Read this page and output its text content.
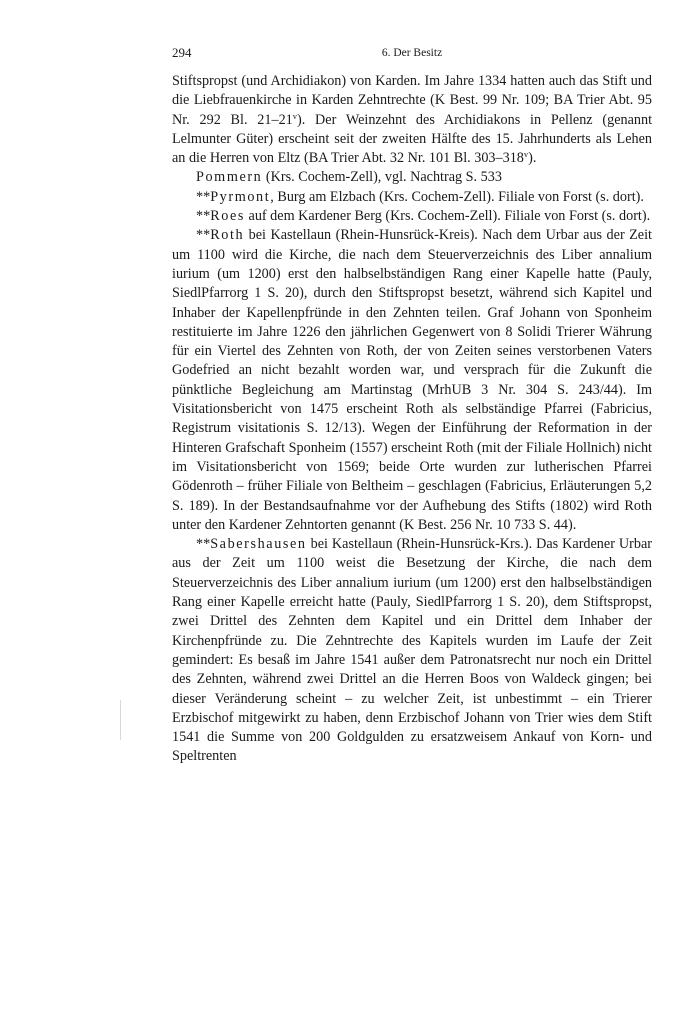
294	6. Der Besitz

Stiftspropst (und Archidiakon) von Karden. Im Jahre 1334 hatten auch das Stift und die Liebfrauenkirche in Karden Zehntrechte (K Best. 99 Nr. 109; BA Trier Abt. 95 Nr. 292 Bl. 21–21$^v$). Der Weinzehnt des Archidiakons in Pellenz (genannt Lelmunter Güter) erscheint seit der zweiten Hälfte des 15. Jahrhunderts als Lehen an die Herren von Eltz (BA Trier Abt. 32 Nr. 101 Bl. 303–318$^v$).

Pommern (Krs. Cochem-Zell), vgl. Nachtrag S. 533

**Pyrmont, Burg am Elzbach (Krs. Cochem-Zell). Filiale von Forst (s. dort).

**Roes auf dem Kardener Berg (Krs. Cochem-Zell). Filiale von Forst (s. dort).

**Roth bei Kastellaun (Rhein-Hunsrück-Kreis). Nach dem Urbar aus der Zeit um 1100 wird die Kirche, die nach dem Steuerverzeichnis des Liber annalium iurium (um 1200) erst den halbselbständigen Rang einer Kapelle hatte (Pauly, SiedlPfarrorg 1 S. 20), durch den Stiftspropst besetzt, während sich Kapitel und Inhaber der Kapellenpfründe in den Zehnten teilen. Graf Johann von Sponheim restituierte im Jahre 1226 den jährlichen Gegenwert von 8 Solidi Trierer Währung für ein Viertel des Zehnten von Roth, der von Zeiten seines verstorbenen Vaters Godefried an nicht bezahlt worden war, und versprach für die Zukunft die pünktliche Begleichung am Martinstag (MrhUB 3 Nr. 304 S. 243/44). Im Visitationsbericht von 1475 erscheint Roth als selbständige Pfarrei (Fabricius, Registrum visitationis S. 12/13). Wegen der Einführung der Reformation in der Hinteren Grafschaft Sponheim (1557) erscheint Roth (mit der Filiale Hollnich) nicht im Visitationsbericht von 1569; beide Orte wurden zur lutherischen Pfarrei Gödenroth – früher Filiale von Beltheim – geschlagen (Fabricius, Erläuterungen 5,2 S. 189). In der Bestandsaufnahme vor der Aufhebung des Stifts (1802) wird Roth unter den Kardener Zehntorten genannt (K Best. 256 Nr. 10 733 S. 44).

**Sabershausen bei Kastellaun (Rhein-Hunsrück-Krs.). Das Kardener Urbar aus der Zeit um 1100 weist die Besetzung der Kirche, die nach dem Steuerverzeichnis des Liber annalium iurium (um 1200) erst den halbselbständigen Rang einer Kapelle erreicht hatte (Pauly, SiedlPfarrorg 1 S. 20), dem Stiftspropst, zwei Drittel des Zehnten dem Kapitel und ein Drittel dem Inhaber der Kirchenpfründe zu. Die Zehntrechte des Kapitels wurden im Laufe der Zeit gemindert: Es besaß im Jahre 1541 außer dem Patronatsrecht nur noch ein Drittel des Zehnten, während zwei Drittel an die Herren Boos von Waldeck gingen; bei dieser Veränderung scheint – zu welcher Zeit, ist unbestimmt – ein Trierer Erzbischof mitgewirkt zu haben, denn Erzbischof Johann von Trier wies dem Stift 1541 die Summe von 200 Goldgulden zu ersatzweisem Ankauf von Korn- und Speltrenten
